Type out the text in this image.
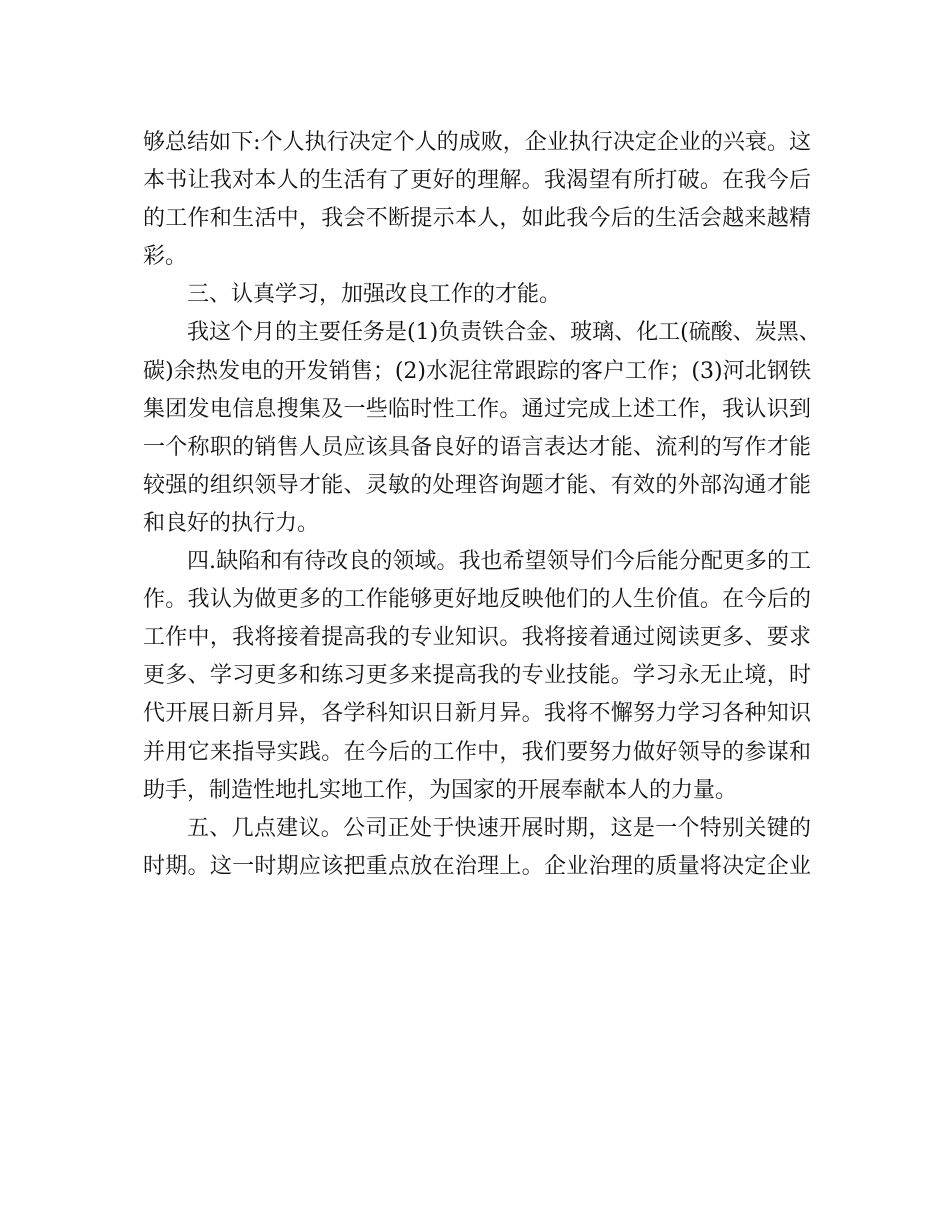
够总结如下:个人执行决定个人的成败，企业执行决定企业的兴衰。这
本书让我对本人的生活有了更好的理解。我渴望有所打破。在我今后
的工作和生活中，我会不断提示本人，如此我今后的生活会越来越精
彩。
三、认真学习，加强改良工作的才能。
我这个月的主要任务是(1)负责铁合金、玻璃、化工(硫酸、炭黑、
碳)余热发电的开发销售；(2)水泥往常跟踪的客户工作；(3)河北钢铁
集团发电信息搜集及一些临时性工作。通过完成上述工作，我认识到
一个称职的销售人员应该具备良好的语言表达才能、流利的写作才能
较强的组织领导才能、灵敏的处理咨询题才能、有效的外部沟通才能
和良好的执行力。
四.缺陷和有待改良的领域。我也希望领导们今后能分配更多的工
作。我认为做更多的工作能够更好地反映他们的人生价值。在今后的
工作中，我将接着提高我的专业知识。我将接着通过阅读更多、要求
更多、学习更多和练习更多来提高我的专业技能。学习永无止境，时
代开展日新月异，各学科知识日新月异。我将不懈努力学习各种知识
并用它来指导实践。在今后的工作中，我们要努力做好领导的参谋和
助手，制造性地扎实地工作，为国家的开展奉献本人的力量。
五、几点建议。公司正处于快速开展时期，这是一个特别关键的
时期。这一时期应该把重点放在治理上。企业治理的质量将决定企业
